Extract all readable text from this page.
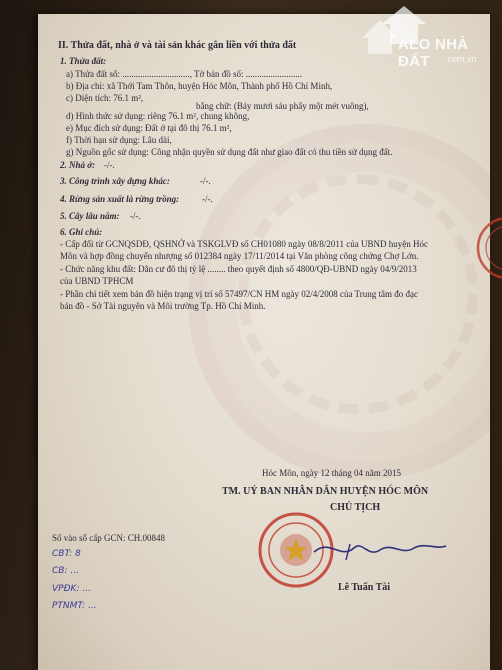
ALO NHÀ ĐẤT	.com.vn
II. Thửa đất, nhà ở và tài sản khác gắn liền với thửa đất
1. Thửa đất:
a) Thửa đất số: .............................., Tờ bản đồ số: .........................
b) Địa chỉ: xã Thới Tam Thôn, huyện Hóc Môn, Thành phố Hồ Chí Minh,
c) Diện tích: 76.1 m²,
bằng chữ: (Bảy mươi sáu phẩy một mét vuông),
d) Hình thức sử dụng: riêng 76.1 m², chung không,
e) Mục đích sử dụng: Đất ở tại đô thị 76.1 m²,
f) Thời hạn sử dụng: Lâu dài,
g) Nguồn gốc sử dụng: Công nhận quyền sử dụng đất như giao đất có thu tiền sử dụng đất.
2. Nhà ở: -/-.
3. Công trình xây dựng khác:	-/-.
4. Rừng sản xuất là rừng trồng:	-/-.
5. Cây lâu năm: -/-.
6. Ghi chú:
- Cấp đổi từ GCNQSDĐ, QSHNỞ và TSKGLVĐ số CH01080 ngày 08/8/2011 của UBND huyện Hóc
Môn và hợp đồng chuyển nhượng số 012384 ngày 17/11/2014 tại Văn phòng công chứng Chợ Lớn.
- Chức năng khu đất: Dân cư đô thị tỷ lệ ........ theo quyết định số 4800/QĐ-UBND ngày 04/9/2013
của UBND TPHCM
- Phần chi tiết xem bản đồ hiện trạng vị trí số 57497/CN HM ngày 02/4/2008 của Trung tâm đo đạc
bản đồ - Sở Tài nguyên và Môi trường Tp. Hồ Chí Minh.
Hóc Môn, ngày 12 tháng 04 năm 2015
TM. UỶ BAN NHÂN DÂN HUYỆN HÓC MÔN
CHỦ TỊCH
Lê Tuấn Tài
Số vào sổ cấp GCN: CH.00848
CBT: 8
CB: ...
VPĐK: ...
PTNMT: ...
